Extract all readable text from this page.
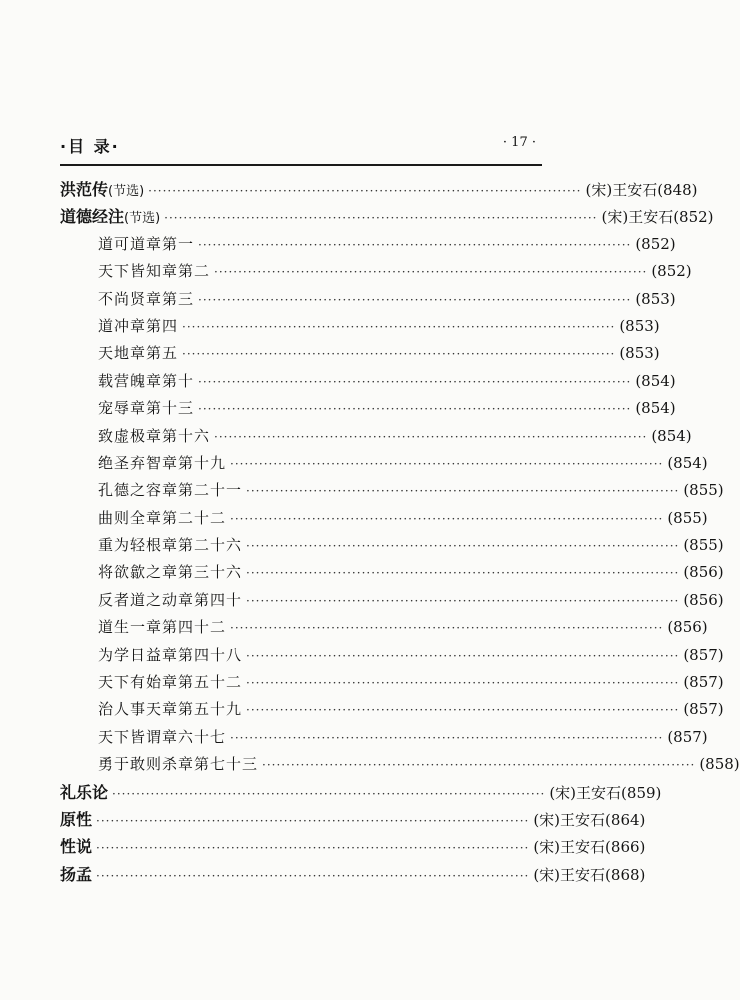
·目 录·	· 17 ·
洪范传 (节选) ·························································································· (宋)王安石 (848)
道德经注 (节选) ·························································································· (宋)王安石 (852)
道可道章第一 ·························································································· (852)
天下皆知章第二 ·························································································· (852)
不尚贤章第三 ·························································································· (853)
道冲章第四 ·························································································· (853)
天地章第五 ·························································································· (853)
载营魄章第十 ·························································································· (854)
宠辱章第十三 ·························································································· (854)
致虚极章第十六 ·························································································· (854)
绝圣弃智章第十九 ·························································································· (854)
孔德之容章第二十一 ·························································································· (855)
曲则全章第二十二 ·························································································· (855)
重为轻根章第二十六 ·························································································· (855)
将欲歙之章第三十六 ·························································································· (856)
反者道之动章第四十 ·························································································· (856)
道生一章第四十二 ·························································································· (856)
为学日益章第四十八 ·························································································· (857)
天下有始章第五十二 ·························································································· (857)
治人事天章第五十九 ·························································································· (857)
天下皆谓章六十七 ·························································································· (857)
勇于敢则杀章第七十三 ·························································································· (858)
礼乐论 ·························································································· (宋)王安石 (859)
原性 ·························································································· (宋)王安石 (864)
性说 ·························································································· (宋)王安石 (866)
扬孟 ·························································································· (宋)王安石 (868)
